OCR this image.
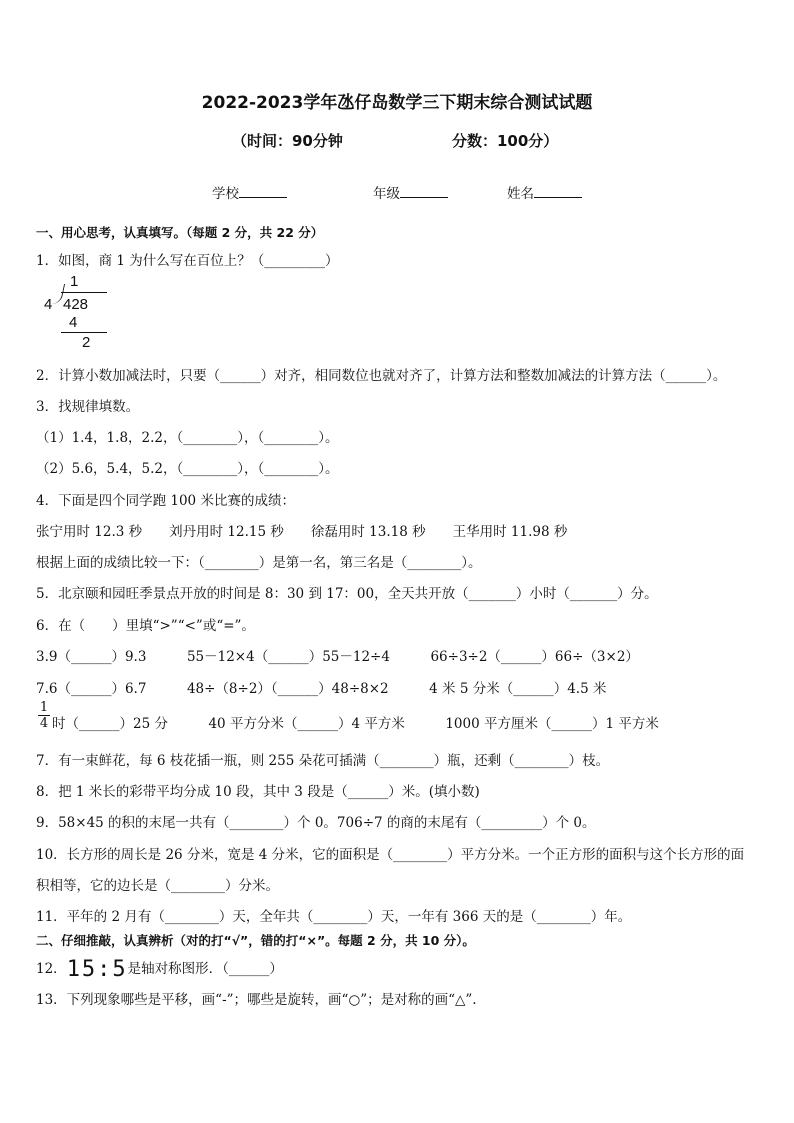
2022-2023学年氹仔岛数学三下期末综合测试试题
（时间：90分钟	分数：100分）
学校	年级	姓名
一、用心思考，认真填写。（每题 2 分，共 22 分）
1．如图，商 1 为什么写在百位上？（_________）
1
4 428
4
2
2．计算小数加减法时，只要（______）对齐，相同数位也就对齐了，计算方法和整数加减法的计算方法（______）。
3．找规律填数。
（1）1.4，1.8，2.2，（________），（________）。
（2）5.6，5.4，5.2，（________），（________）。
4．下面是四个同学跑 100 米比赛的成绩：
张宁用时 12.3 秒　　刘丹用时 12.15 秒　　徐磊用时 13.18 秒　　王华用时 11.98 秒
根据上面的成绩比较一下：（________）是第一名，第三名是（________）。
5．北京颐和园旺季景点开放的时间是 8：30 到 17：00，全天共开放（_______）小时（_______）分。
6．在（　　）里填“>”“<”或“=”。
3.9（______）9.3　　　55－12×4（______）55－12÷4　　　66÷3÷2（______）66÷（3×2）
7.6（______）6.7　　　48÷（8÷2）（______）48÷8×2　　　4 米 5 分米（______）4.5 米
$\frac{1}{4}$ 时（______）25 分　　　40 平方分米（______）4 平方米　　　1000 平方厘米（______）1 平方米
7．有一束鲜花，每 6 枝花插一瓶，则 255 朵花可插满（________）瓶，还剩（________）枝。
8．把 1 米长的彩带平均分成 10 段，其中 3 段是（______）米。(填小数)
9．58×45 的积的末尾一共有（________）个 0。706÷7 的商的末尾有（_________）个 0。
10．长方形的周长是 26 分米，宽是 4 分米，它的面积是（________）平方分米。一个正方形的面积与这个长方形的面
积相等，它的边长是（________）分米。
11．平年的 2 月有（________）天，全年共（________）天，一年有 366 天的是（________）年。
二、仔细推敲，认真辨析（对的打“√”，错的打“×”。每题 2 分，共 10 分）。
12．15:5是轴对称图形．（______）
13．下列现象哪些是平移，画“-”；哪些是旋转，画“○”；是对称的画“△”.
